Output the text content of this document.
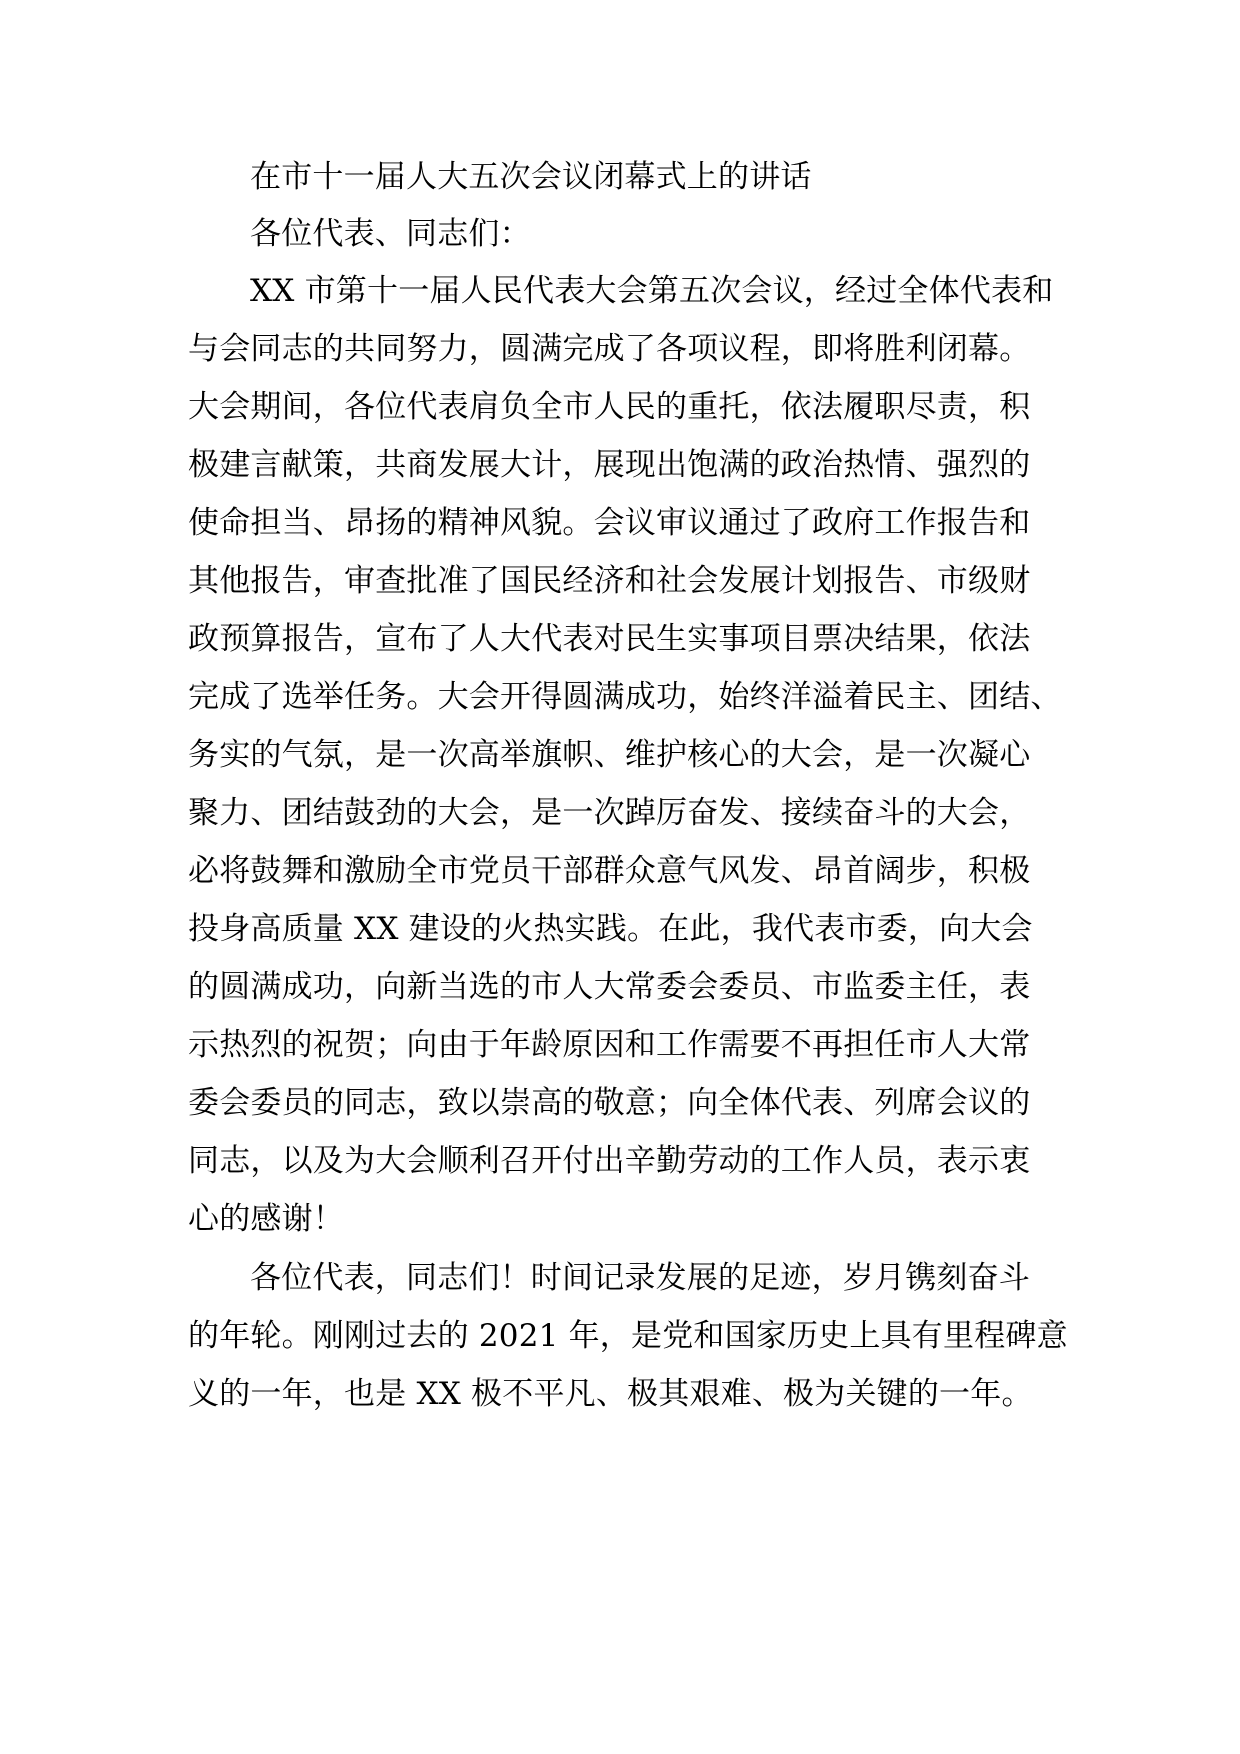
在市十一届人大五次会议闭幕式上的讲话
各位代表、同志们：
XX 市第十一届人民代表大会第五次会议，经过全体代表和
与会同志的共同努力，圆满完成了各项议程，即将胜利闭幕。
大会期间，各位代表肩负全市人民的重托，依法履职尽责，积
极建言献策，共商发展大计，展现出饱满的政治热情、强烈的
使命担当、昂扬的精神风貌。会议审议通过了政府工作报告和
其他报告，审查批准了国民经济和社会发展计划报告、市级财
政预算报告，宣布了人大代表对民生实事项目票决结果，依法
完成了选举任务。大会开得圆满成功，始终洋溢着民主、团结、
务实的气氛，是一次高举旗帜、维护核心的大会，是一次凝心
聚力、团结鼓劲的大会，是一次踔厉奋发、接续奋斗的大会，
必将鼓舞和激励全市党员干部群众意气风发、昂首阔步，积极
投身高质量 XX 建设的火热实践。在此，我代表市委，向大会
的圆满成功，向新当选的市人大常委会委员、市监委主任，表
示热烈的祝贺；向由于年龄原因和工作需要不再担任市人大常
委会委员的同志，致以崇高的敬意；向全体代表、列席会议的
同志，以及为大会顺利召开付出辛勤劳动的工作人员，表示衷
心的感谢！
各位代表，同志们！时间记录发展的足迹，岁月镌刻奋斗
的年轮。刚刚过去的 2021 年，是党和国家历史上具有里程碑意
义的一年，也是 XX 极不平凡、极其艰难、极为关键的一年。
